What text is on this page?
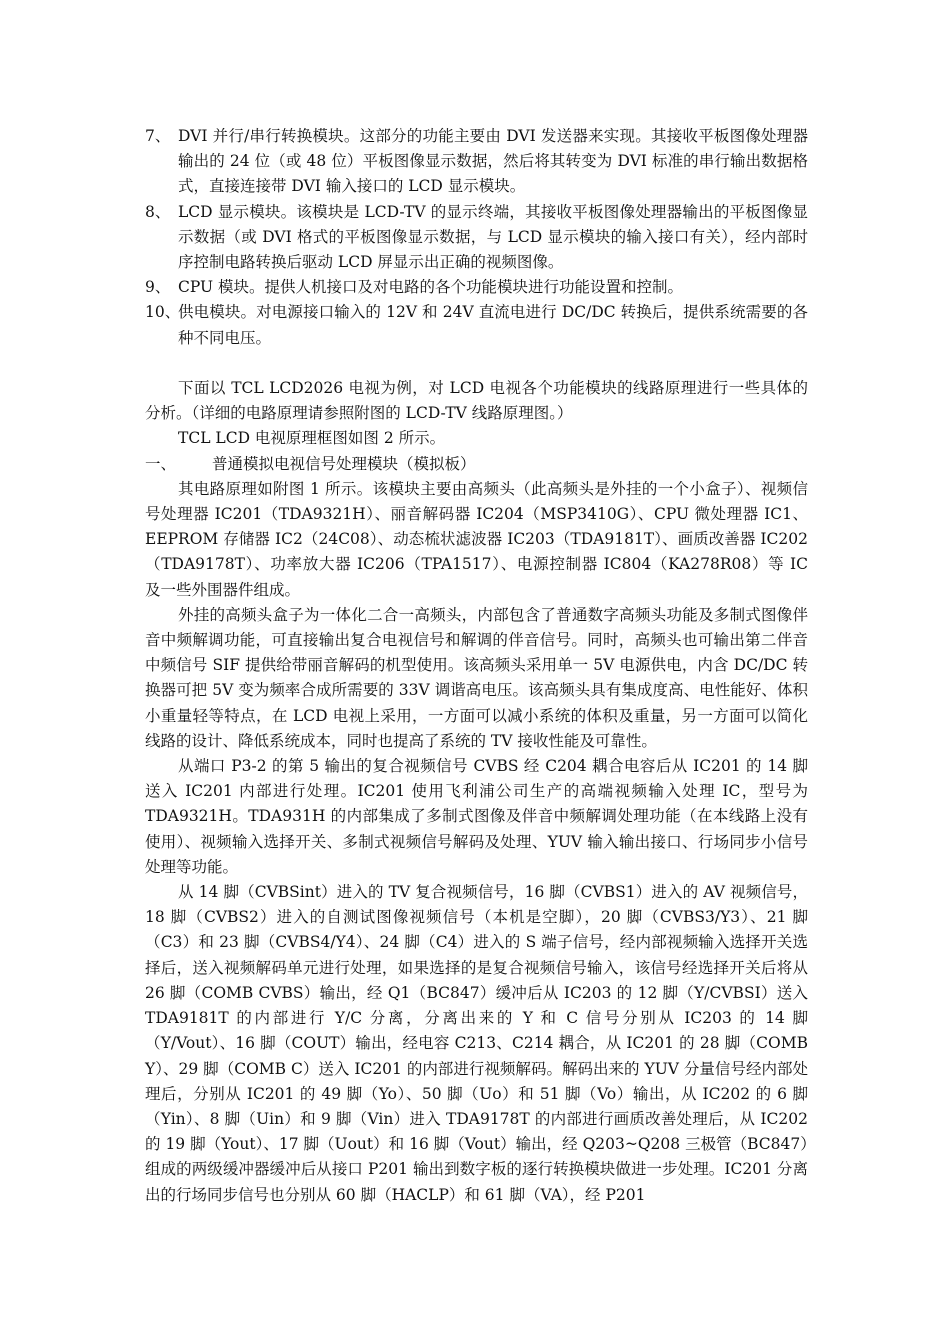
7、 DVI 并行/串行转换模块。这部分的功能主要由 DVI 发送器来实现。其接收平板图像处理器输出的 24 位（或 48 位）平板图像显示数据，然后将其转变为 DVI 标准的串行输出数据格式，直接连接带 DVI 输入接口的 LCD 显示模块。
8、 LCD 显示模块。该模块是 LCD-TV 的显示终端，其接收平板图像处理器输出的平板图像显示数据（或 DVI 格式的平板图像显示数据，与 LCD 显示模块的输入接口有关），经内部时序控制电路转换后驱动 LCD 屏显示出正确的视频图像。
9、 CPU 模块。提供人机接口及对电路的各个功能模块进行功能设置和控制。
10、
供电模块。对电源接口输入的 12V 和 24V 直流电进行 DC/DC 转换后，提供系统需要的各种不同电压。
下面以 TCL LCD2026 电视为例，对 LCD 电视各个功能模块的线路原理进行一些具体的分析。（详细的电路原理请参照附图的 LCD-TV 线路原理图。）
TCL LCD 电视原理框图如图 2 所示。
一、 普通模拟电视信号处理模块（模拟板）
其电路原理如附图 1 所示。该模块主要由高频头（此高频头是外挂的一个小盒子）、视频信号处理器 IC201（TDA9321H）、丽音解码器 IC204（MSP3410G）、CPU 微处理器 IC1、EEPROM 存储器 IC2（24C08）、动态梳状滤波器 IC203（TDA9181T）、画质改善器 IC202（TDA9178T）、功率放大器 IC206（TPA1517）、电源控制器 IC804（KA278R08）等 IC 及一些外围器件组成。
外挂的高频头盒子为一体化二合一高频头，内部包含了普通数字高频头功能及多制式图像伴音中频解调功能，可直接输出复合电视信号和解调的伴音信号。同时，高频头也可输出第二伴音中频信号 SIF 提供给带丽音解码的机型使用。该高频头采用单一 5V 电源供电，内含 DC/DC 转换器可把 5V 变为频率合成所需要的 33V 调谐高电压。该高频头具有集成度高、电性能好、体积小重量轻等特点，在 LCD 电视上采用，一方面可以减小系统的体积及重量，另一方面可以简化线路的设计、降低系统成本，同时也提高了系统的 TV 接收性能及可靠性。
从端口 P3-2 的第 5 输出的复合视频信号 CVBS 经 C204 耦合电容后从 IC201 的 14 脚送入 IC201 内部进行处理。IC201 使用飞利浦公司生产的高端视频输入处理 IC，型号为 TDA9321H。TDA931H 的内部集成了多制式图像及伴音中频解调处理功能（在本线路上没有使用）、视频输入选择开关、多制式视频信号解码及处理、YUV 输入输出接口、行场同步小信号处理等功能。
从 14 脚（CVBSint）进入的 TV 复合视频信号，16 脚（CVBS1）进入的 AV 视频信号，18 脚（CVBS2）进入的自测试图像视频信号（本机是空脚），20 脚（CVBS3/Y3）、21 脚（C3）和 23 脚（CVBS4/Y4）、24 脚（C4）进入的 S 端子信号，经内部视频输入选择开关选择后，送入视频解码单元进行处理，如果选择的是复合视频信号输入，该信号经选择开关后将从 26 脚（COMB CVBS）输出，经 Q1（BC847）缓冲后从 IC203 的 12 脚（Y/CVBSI）送入 TDA9181T 的内部进行 Y/C 分离，分离出来的 Y 和 C 信号分别从 IC203 的 14 脚（Y/Vout）、16 脚（COUT）输出，经电容 C213、C214 耦合，从 IC201 的 28 脚（COMB Y）、29 脚（COMB C）送入 IC201 的内部进行视频解码。解码出来的 YUV 分量信号经内部处理后，分别从 IC201 的 49 脚（Yo）、50 脚（Uo）和 51 脚（Vo）输出，从 IC202 的 6 脚（Yin）、8 脚（Uin）和 9 脚（Vin）进入 TDA9178T 的内部进行画质改善处理后，从 IC202 的 19 脚（Yout）、17 脚（Uout）和 16 脚（Vout）输出，经 Q203~Q208 三极管（BC847）组成的两级缓冲器缓冲后从接口 P201 输出到数字板的逐行转换模块做进一步处理。IC201 分离出的行场同步信号也分别从 60 脚（HACLP）和 61 脚（VA），经 P201
